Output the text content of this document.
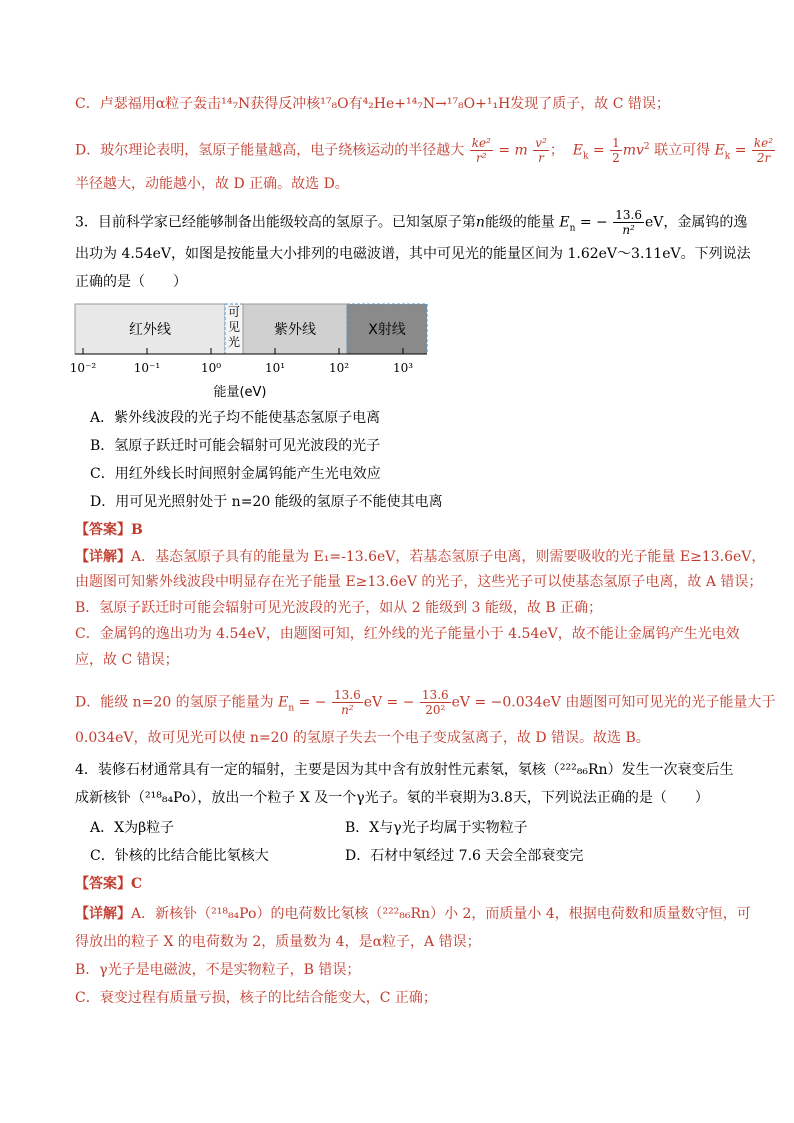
C．卢瑟福用α粒子轰击¹⁴₇N获得反冲核¹⁷₈O有⁴₂He+¹⁴₇N→¹⁷₈O+¹₁H发现了质子，故 C 错误；
D．玻尔理论表明，氢原子能量越高，电子绕核运动的半径越大 $\frac{\text{ke²}}{\text{r²}} = m \frac{\text{v²}}{r}$ ； $E_k = \frac{1}{2} mv^2$ 联立可得 $E_k = \frac{\text{ke²}}{2r}$
半径越大，动能越小，故 D 正确。故选 D。
3．目前科学家已经能够制备出能级较高的氢原子。已知氢原子第n能级的能量 $E_n$ = − $\frac{13.6}{\text{n²}}$ eV，金属钨的逸
出功为 4.54eV，如图是按能量大小排列的电磁波谱，其中可见光的能量区间为 1.62eV～3.11eV。下列说法
正确的是（　　）
红外线
可见光
紫外线	X射线
10⁻²	10⁻¹	10⁰	10¹	10²	10³
能量(eV)
A．紫外线波段的光子均不能使基态氢原子电离
B．氢原子跃迁时可能会辐射可见光波段的光子
C．用红外线长时间照射金属钨能产生光电效应
D．用可见光照射处于 n=20 能级的氢原子不能使其电离
【答案】B
【详解】A．基态氢原子具有的能量为 E₁=-13.6eV，若基态氢原子电离，则需要吸收的光子能量 E≥13.6eV，
由题图可知紫外线波段中明显存在光子能量 E≥13.6eV 的光子，这些光子可以使基态氢原子电离，故 A 错误；
B．氢原子跃迁时可能会辐射可见光波段的光子，如从 2 能级到 3 能级，故 B 正确；
C．金属钨的逸出功为 4.54eV，由题图可知，红外线的光子能量小于 4.54eV，故不能让金属钨产生光电效
应，故 C 错误；
D．能级 n=20 的氢原子能量为 $E_n$ = − $\frac{13.6}{\text{n²}}$ eV = − $\frac{13.6}{\text{20²}}$ eV = −0.034eV 由题图可知可见光的光子能量大于
0.034eV，故可见光可以使 n=20 的氢原子失去一个电子变成氢离子，故 D 错误。故选 B。
4．装修石材通常具有一定的辐射，主要是因为其中含有放射性元素氡，氡核（²²²₈₆Rn）发生一次衰变后生
成新核钋（²¹⁸₈₄Po），放出一个粒子 X 及一个γ光子。氡的半衰期为3.8天，下列说法正确的是（　　）
A．X为β粒子	B．X与γ光子均属于实物粒子
C．钋核的比结合能比氡核大	D．石材中氡经过 7.6 天会全部衰变完
【答案】C
【详解】A．新核钋（²¹⁸₈₄Po）的电荷数比氡核（²²²₈₆Rn）小 2，而质量小 4，根据电荷数和质量数守恒，可
得放出的粒子 X 的电荷数为 2，质量数为 4，是α粒子，A 错误；
B．γ光子是电磁波，不是实物粒子，B 错误；
C．衰变过程有质量亏损，核子的比结合能变大，C 正确；
